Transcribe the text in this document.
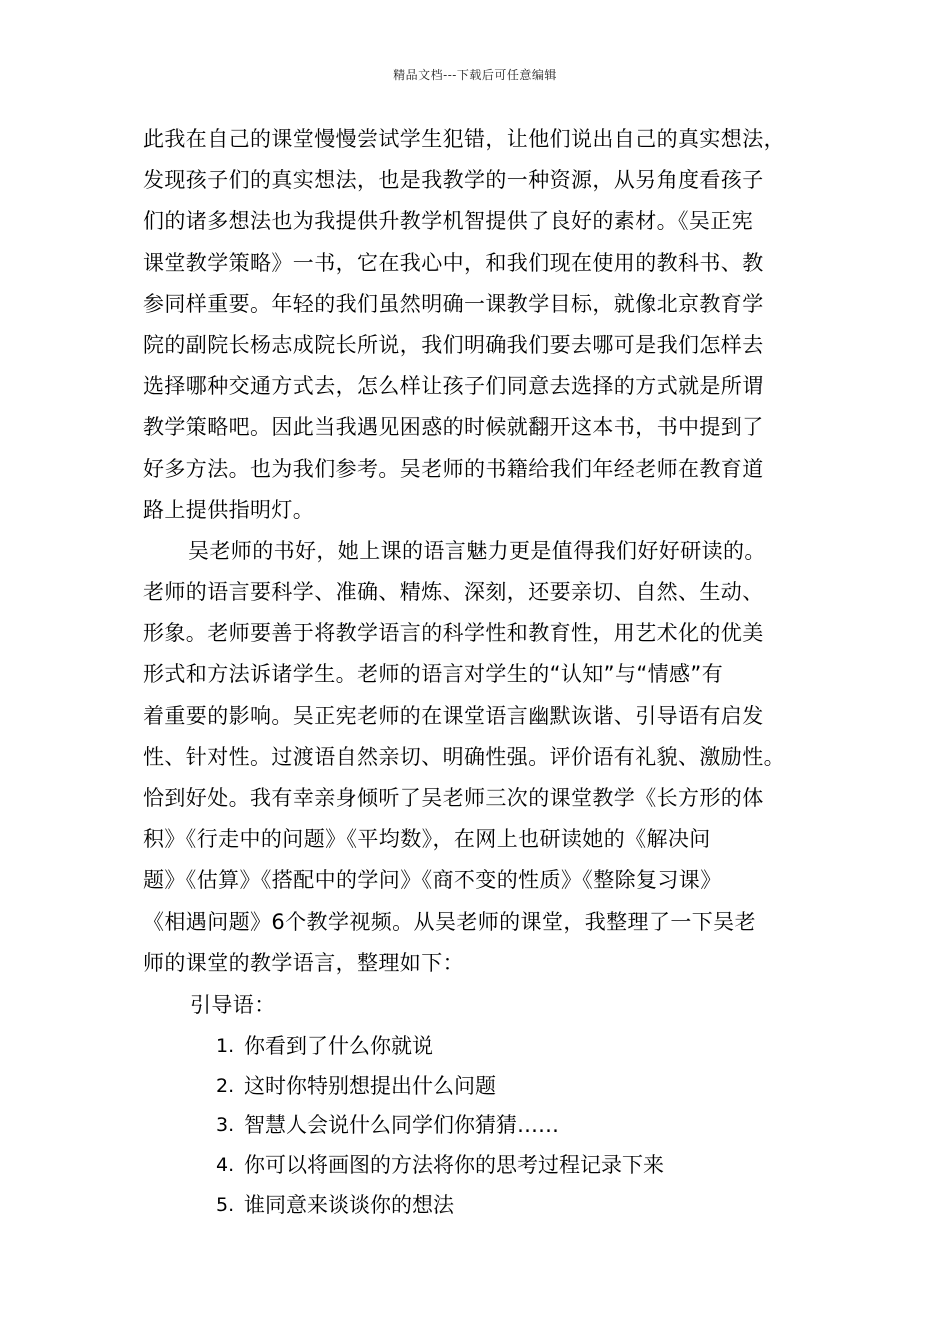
精品文档---下载后可任意编辑
此我在自己的课堂慢慢尝试学生犯错，让他们说出自己的真实想法，
发现孩子们的真实想法，也是我教学的一种资源，从另角度看孩子
们的诸多想法也为我提供升教学机智提供了良好的素材。《吴正宪
课堂教学策略》一书，它在我心中，和我们现在使用的教科书、教
参同样重要。年轻的我们虽然明确一课教学目标，就像北京教育学
院的副院长杨志成院长所说，我们明确我们要去哪可是我们怎样去
选择哪种交通方式去，怎么样让孩子们同意去选择的方式就是所谓
教学策略吧。因此当我遇见困惑的时候就翻开这本书，书中提到了
好多方法。也为我们参考。吴老师的书籍给我们年经老师在教育道
路上提供指明灯。
吴老师的书好，她上课的语言魅力更是值得我们好好研读的。
老师的语言要科学、准确、精炼、深刻，还要亲切、自然、生动、
形象。老师要善于将教学语言的科学性和教育性，用艺术化的优美
形式和方法诉诸学生。老师的语言对学生的“认知”与“情感”有
着重要的影响。吴正宪老师的在课堂语言幽默诙谐、引导语有启发
性、针对性。过渡语自然亲切、明确性强。评价语有礼貌、激励性。
恰到好处。我有幸亲身倾听了吴老师三次的课堂教学《长方形的体
积》《行走中的问题》《平均数》，在网上也研读她的《解决问
题》《估算》《搭配中的学问》《商不变的性质》《整除复习课》
《相遇问题》6个教学视频。从吴老师的课堂，我整理了一下吴老
师的课堂的教学语言，整理如下：
引导语：
1. 你看到了什么你就说
2. 这时你特别想提出什么问题
3. 智慧人会说什么同学们你猜猜……
4. 你可以将画图的方法将你的思考过程记录下来
5. 谁同意来谈谈你的想法
